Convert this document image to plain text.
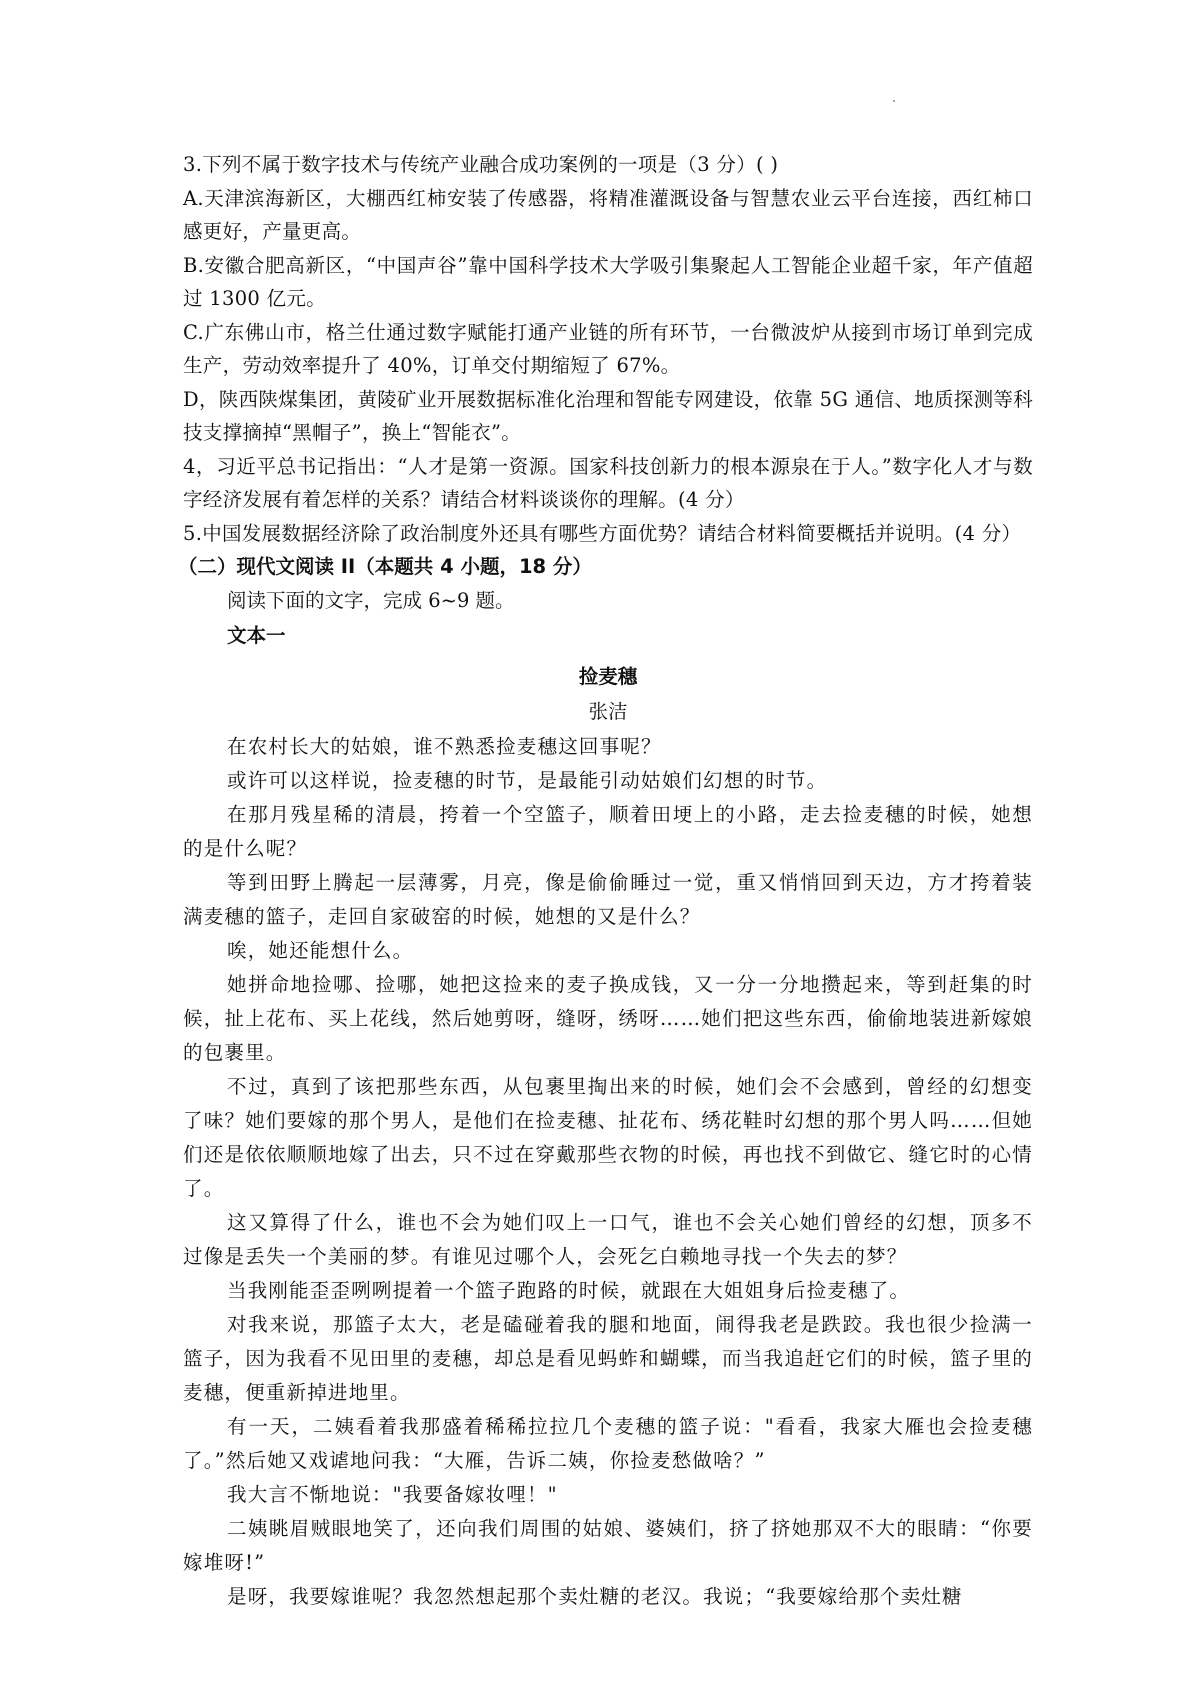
3.下列不属于数字技术与传统产业融合成功案例的一项是（3 分）( )

A.天津滨海新区，大棚西红柿安装了传感器，将精准灌溉设备与智慧农业云平台连接，西红柿口感更好，产量更高。

B.安徽合肥高新区，“中国声谷”靠中国科学技术大学吸引集聚起人工智能企业超千家，年产值超过 1300 亿元。

C.广东佛山市，格兰仕通过数字赋能打通产业链的所有环节，一台微波炉从接到市场订单到完成生产，劳动效率提升了 40%，订单交付期缩短了 67%。

D，陕西陕煤集团，黄陵矿业开展数据标准化治理和智能专网建设，依靠 5G 通信、地质探测等科技支撑摘掉“黑帽子”，换上“智能衣”。

4，习近平总书记指出：“人才是第一资源。国家科技创新力的根本源泉在于人。”数字化人才与数字经济发展有着怎样的关系？请结合材料谈谈你的理解。(4 分）

5.中国发展数据经济除了政治制度外还具有哪些方面优势？请结合材料简要概括并说明。(4 分）

（二）现代文阅读 II（本题共 4 小题，18 分）

阅读下面的文字，完成 6~9 题。

文本一

捡麦穗
张洁

在农村长大的姑娘，谁不熟悉捡麦穗这回事呢？

或许可以这样说，捡麦穗的时节，是最能引动姑娘们幻想的时节。

在那月残星稀的清晨，挎着一个空篮子，顺着田埂上的小路，走去捡麦穗的时候，她想的是什么呢？

等到田野上腾起一层薄雾，月亮，像是偷偷睡过一觉，重又悄悄回到天边，方才挎着装满麦穗的篮子，走回自家破窑的时候，她想的又是什么？

唉，她还能想什么。

她拼命地捡哪、捡哪，她把这捡来的麦子换成钱，又一分一分地攒起来，等到赶集的时候，扯上花布、买上花线，然后她剪呀，缝呀，绣呀……她们把这些东西，偷偷地装进新嫁娘的包裹里。

不过，真到了该把那些东西，从包裹里掏出来的时候，她们会不会感到，曾经的幻想变了味？她们要嫁的那个男人，是他们在捡麦穗、扯花布、绣花鞋时幻想的那个男人吗……但她们还是依依顺顺地嫁了出去，只不过在穿戴那些衣物的时候，再也找不到做它、缝它时的心情了。

这又算得了什么，谁也不会为她们叹上一口气，谁也不会关心她们曾经的幻想，顶多不过像是丢失一个美丽的梦。有谁见过哪个人，会死乞白赖地寻找一个失去的梦？

当我刚能歪歪咧咧提着一个篮子跑路的时候，就跟在大姐姐身后捡麦穗了。

对我来说，那篮子太大，老是磕碰着我的腿和地面，闹得我老是跌跤。我也很少捡满一篮子，因为我看不见田里的麦穗，却总是看见蚂蚱和蝴蝶，而当我追赶它们的时候，篮子里的麦穗，便重新掉进地里。

有一天，二姨看着我那盛着稀稀拉拉几个麦穗的篮子说："看看，我家大雁也会捡麦穗了。”然后她又戏谑地问我：“大雁，告诉二姨，你捡麦愁做啥？”

我大言不惭地说："我要备嫁妆哩！"

二姨眺眉贼眼地笑了，还向我们周围的姑娘、婆姨们，挤了挤她那双不大的眼睛：“你要嫁堆呀!”

是呀，我要嫁谁呢？我忽然想起那个卖灶糖的老汉。我说；“我要嫁给那个卖灶糖
